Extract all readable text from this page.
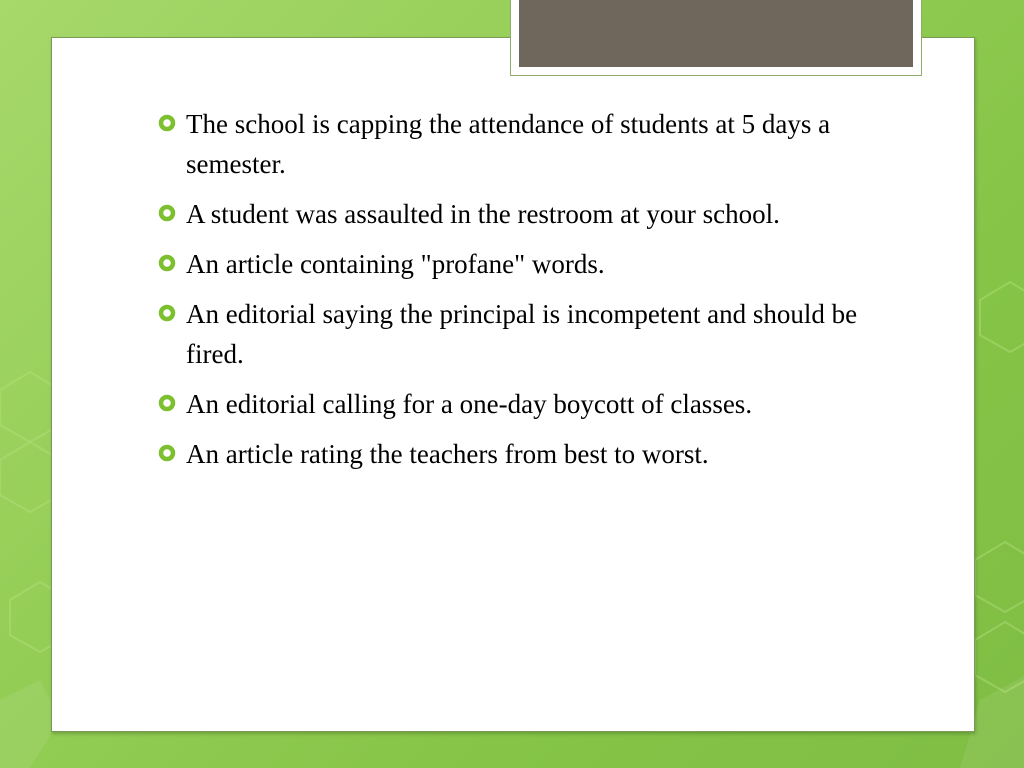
The school is capping the attendance of students at 5 days a semester.
A student was assaulted in the restroom at your school.
An article containing "profane" words.
An editorial saying the principal is incompetent and should be fired.
An editorial calling for a one-day boycott of classes.
An article rating the teachers from best to worst.
